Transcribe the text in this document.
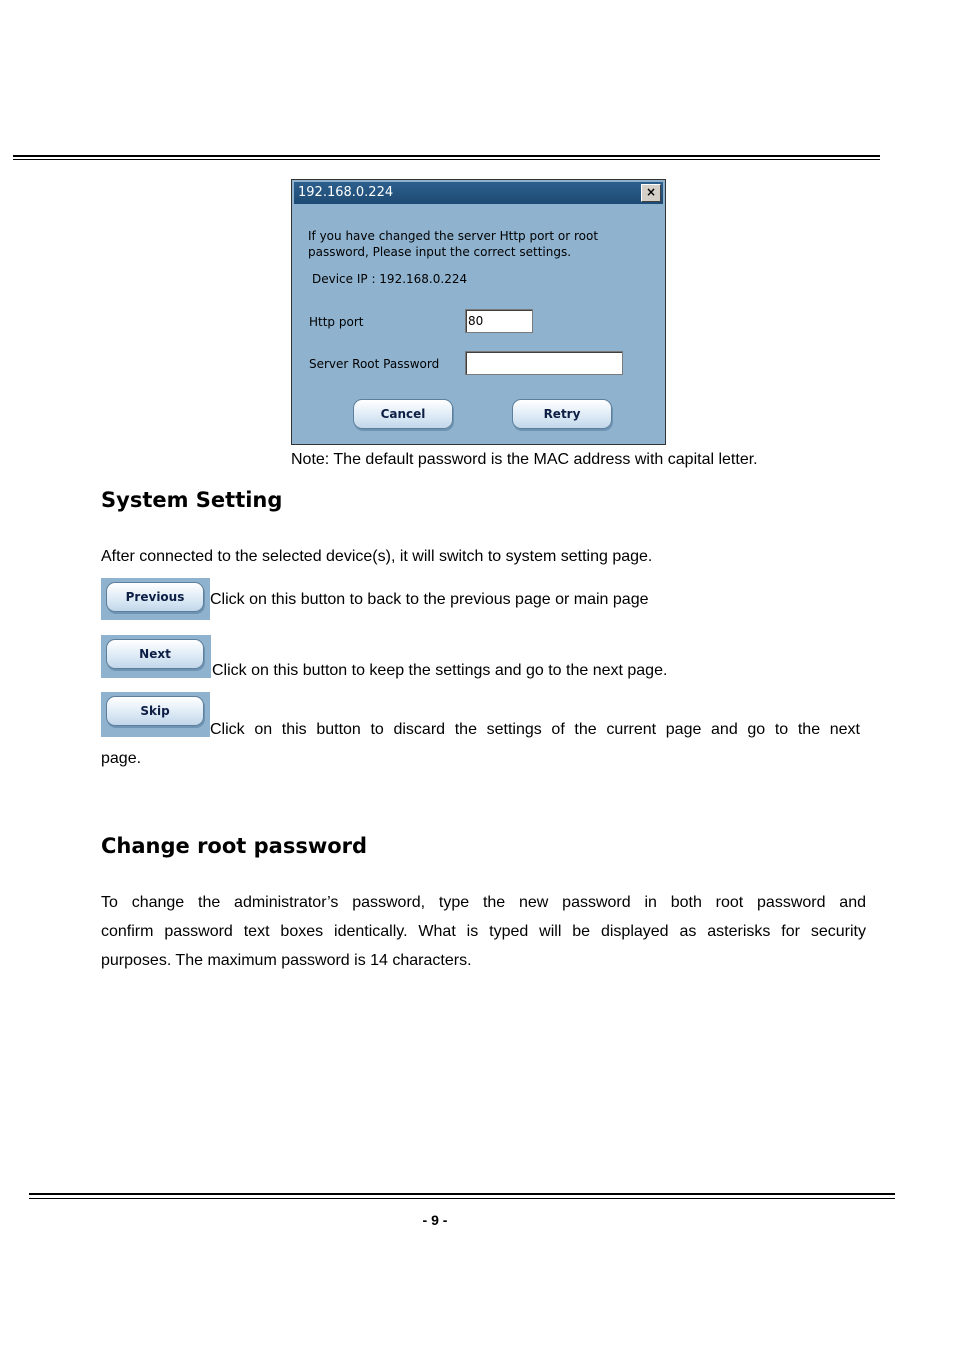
192.168.0.224	×
If you have changed the server Http port or root
password, Please input the correct settings.
Device IP : 192.168.0.224
Http port	80
Server Root Password
Cancel	Retry
Note: The default password is the MAC address with capital letter.
System Setting
After connected to the selected device(s), it will switch to system setting page.
Previous	Click on this button to back to the previous page or main page
Next
Click on this button to keep the settings and go to the next page.
Skip
Click on this button to discard the settings of the current page and go to the next
page.
Change root password
To change the administrator’s password, type the new password in both root password and
confirm password text boxes identically. What is typed will be displayed as asterisks for security
purposes. The maximum password is 14 characters.
- 9 -
